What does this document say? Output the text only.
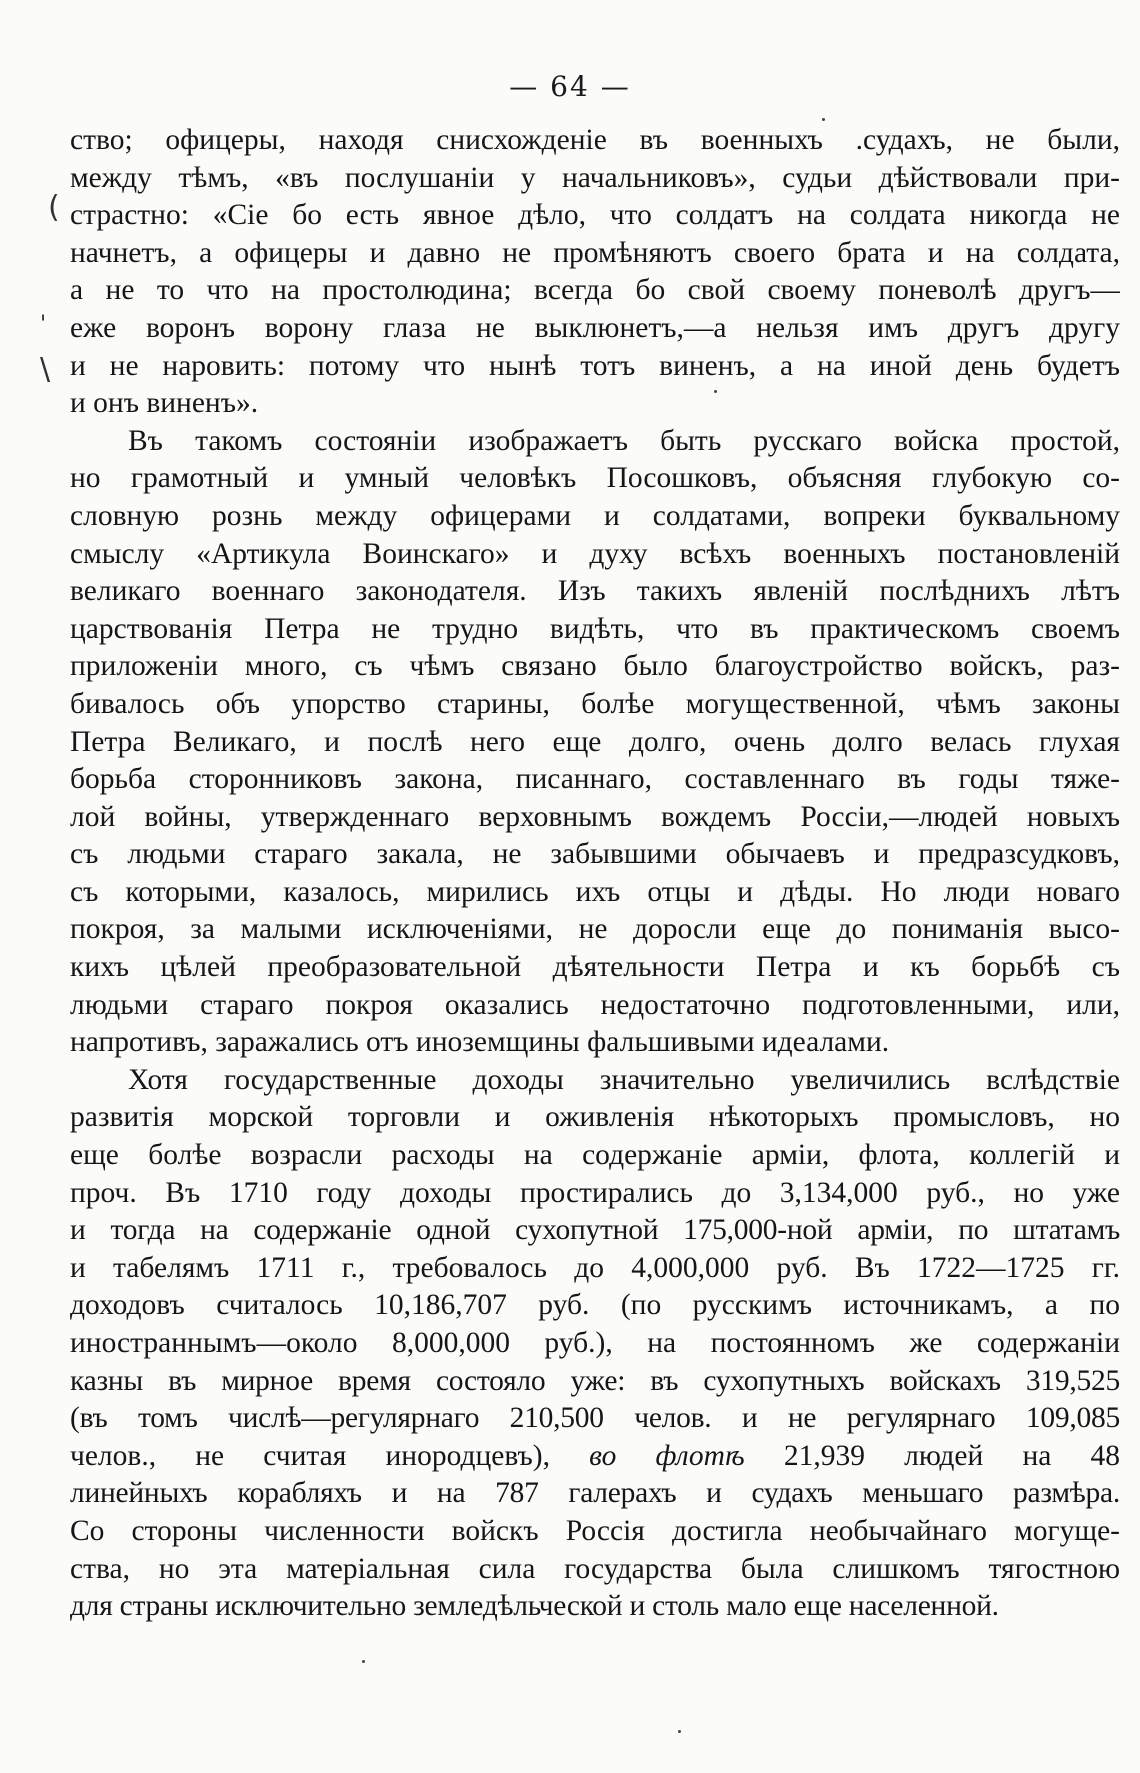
— 64 —
(
'
\
ство; офицеры, находя снисхожденіе въ военныхъ .судахъ, не были,
между тѣмъ, «въ послушаніи у начальниковъ», судьи дѣйствовали при-
страстно: «Сіе бо есть явное дѣло, что солдатъ на солдата никогда не
начнетъ, а офицеры и давно не промѣняютъ своего брата и на солдата,
а не то что на простолюдина; всегда бо свой своему поневолѣ другъ—
еже воронъ ворону глаза не выклюнетъ,—а нельзя имъ другъ другу
и не наровить: потому что нынѣ тотъ виненъ, а на иной день будетъ
и онъ виненъ».
Въ такомъ состояніи изображаетъ быть русскаго войска простой,
но грамотный и умный человѣкъ Посошковъ, объясняя глубокую со-
словную рознь между офицерами и солдатами, вопреки буквальному
смыслу «Артикула Воинскаго» и духу всѣхъ военныхъ постановленій
великаго военнаго законодателя. Изъ такихъ явленій послѣднихъ лѣтъ
царствованія Петра не трудно видѣть, что въ практическомъ своемъ
приложеніи много, съ чѣмъ связано было благоустройство войскъ, раз-
бивалось объ упорство старины, болѣе могущественной, чѣмъ законы
Петра Великаго, и послѣ него еще долго, очень долго велась глухая
борьба сторонниковъ закона, писаннаго, составленнаго въ годы тяже-
лой войны, утвержденнаго верховнымъ вождемъ Россіи,—людей новыхъ
съ людьми стараго закала, не забывшими обычаевъ и предразсудковъ,
съ которыми, казалось, мирились ихъ отцы и дѣды. Но люди новаго
покроя, за малыми исключеніями, не доросли еще до пониманія высо-
кихъ цѣлей преобразовательной дѣятельности Петра и къ борьбѣ съ
людьми стараго покроя оказались недостаточно подготовленными, или,
напротивъ, заражались отъ иноземщины фальшивыми идеалами.
Хотя государственные доходы значительно увеличились вслѣдствіе
развитія морской торговли и оживленія нѣкоторыхъ промысловъ, но
еще болѣе возрасли расходы на содержаніе арміи, флота, коллегій и
проч. Въ 1710 году доходы простирались до 3,134,000 руб., но уже
и тогда на содержаніе одной сухопутной 175,000-ной арміи, по штатамъ
и табелямъ 1711 г., требовалось до 4,000,000 руб. Въ 1722—1725 гг.
доходовъ считалось 10,186,707 руб. (по русскимъ источникамъ, а по
иностраннымъ—около 8,000,000 руб.), на постоянномъ же содержаніи
казны въ мирное время состояло уже: въ сухопутныхъ войскахъ 319,525
(въ томъ числѣ—регулярнаго 210,500 челов. и не регулярнаго 109,085
челов., не считая инородцевъ), во флотѣ 21,939 людей на 48
линейныхъ корабляхъ и на 787 галерахъ и судахъ меньшаго размѣра.
Со стороны численности войскъ Россія достигла необычайнаго могуще-
ства, но эта матеріальная сила государства была слишкомъ тягостною
для страны исключительно земледѣльческой и столь мало еще населенной.
